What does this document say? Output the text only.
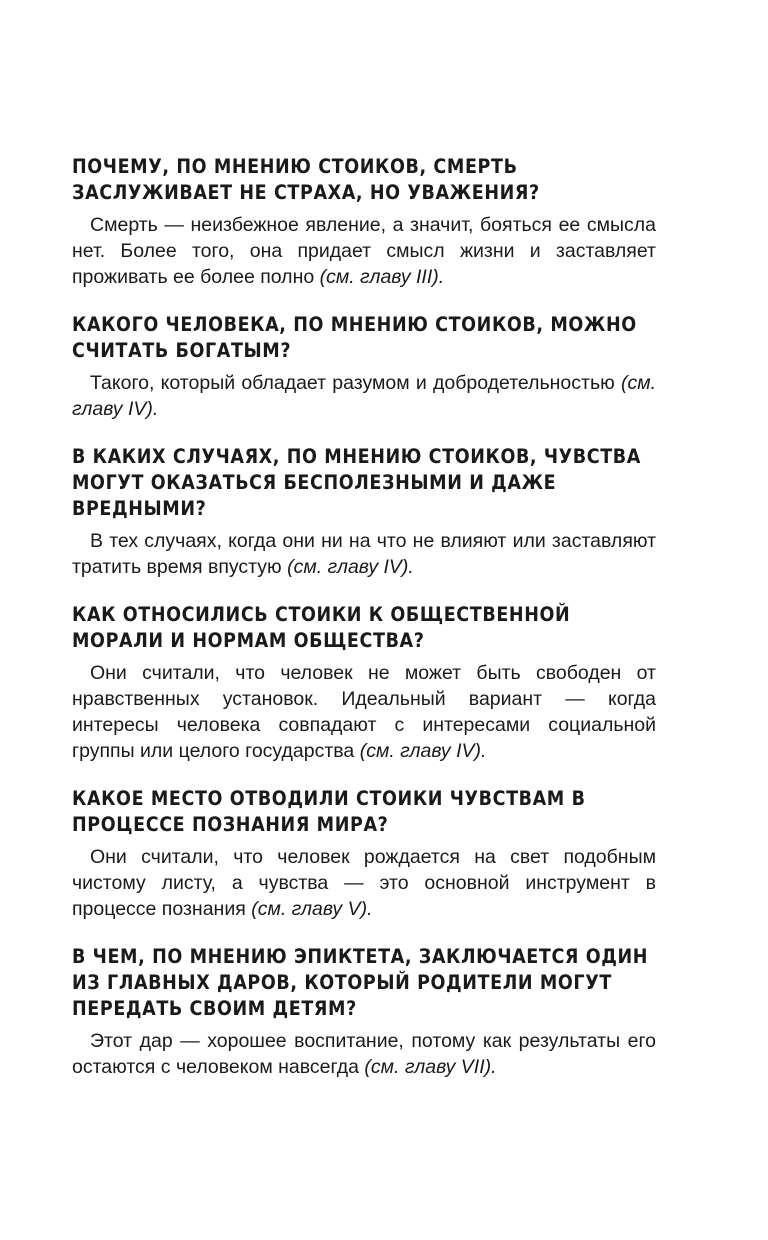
ПОЧЕМУ, ПО МНЕНИЮ СТОИКОВ, СМЕРТЬ ЗАСЛУЖИВАЕТ НЕ СТРАХА, НО УВАЖЕНИЯ?

Смерть — неизбежное явление, а значит, бояться ее смысла нет. Более того, она придает смысл жизни и заставляет проживать ее более полно (см. главу III).

КАКОГО ЧЕЛОВЕКА, ПО МНЕНИЮ СТОИКОВ, МОЖНО СЧИТАТЬ БОГАТЫМ?

Такого, который обладает разумом и добродетельностью (см. главу IV).

В КАКИХ СЛУЧАЯХ, ПО МНЕНИЮ СТОИКОВ, ЧУВСТВА МОГУТ ОКАЗАТЬСЯ БЕСПОЛЕЗНЫМИ И ДАЖЕ ВРЕДНЫМИ?

В тех случаях, когда они ни на что не влияют или заставляют тратить время впустую (см. главу IV).

КАК ОТНОСИЛИСЬ СТОИКИ К ОБЩЕСТВЕННОЙ МОРАЛИ И НОРМАМ ОБЩЕСТВА?

Они считали, что человек не может быть свободен от нравственных установок. Идеальный вариант — когда интересы человека совпадают с интересами социальной группы или целого государства (см. главу IV).

КАКОЕ МЕСТО ОТВОДИЛИ СТОИКИ ЧУВСТВАМ В ПРОЦЕССЕ ПОЗНАНИЯ МИРА?

Они считали, что человек рождается на свет подобным чистому листу, а чувства — это основной инструмент в процессе познания (см. главу V).

В ЧЕМ, ПО МНЕНИЮ ЭПИКТЕТА, ЗАКЛЮЧАЕТСЯ ОДИН ИЗ ГЛАВНЫХ ДАРОВ, КОТОРЫЙ РОДИТЕЛИ МОГУТ ПЕРЕДАТЬ СВОИМ ДЕТЯМ?

Этот дар — хорошее воспитание, потому как результаты его остаются с человеком навсегда (см. главу VII).
